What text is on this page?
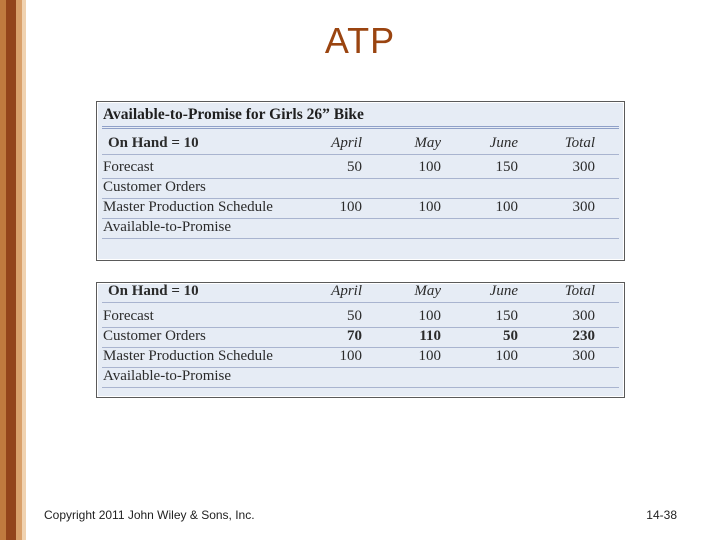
ATP
Available-to-Promise for Girls 26” Bike
On Hand = 10	April	May	June	Total
Forecast	50	100	150	300
Customer Orders
Master Production Schedule	100	100	100	300
Available-to-Promise
On Hand = 10	April	May	June	Total
Forecast	50	100	150	300
Customer Orders	70	110	50	230
Master Production Schedule	100	100	100	300
Available-to-Promise
Copyright 2011 John Wiley & Sons, Inc.	14-38
